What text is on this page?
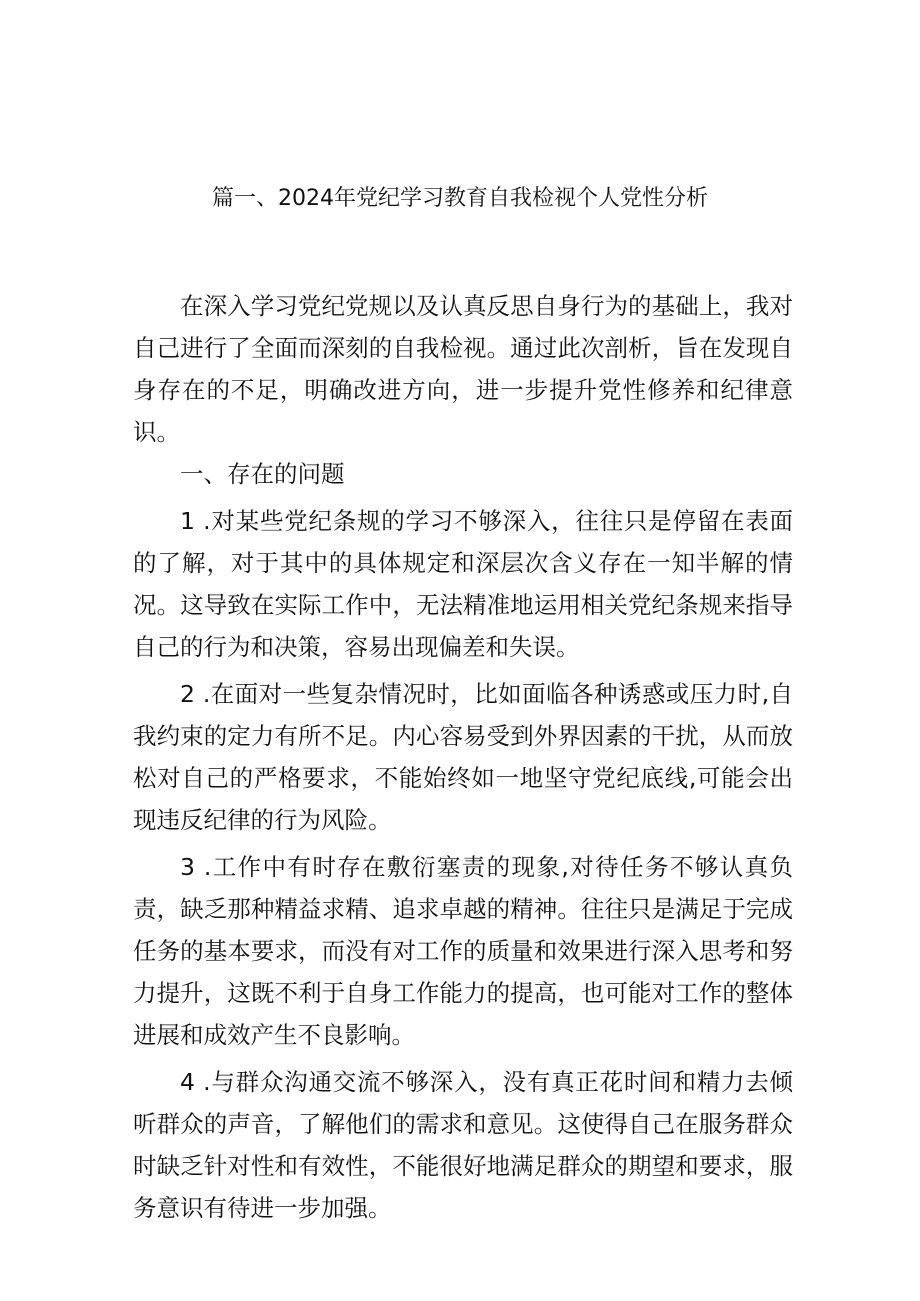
篇一、2024年党纪学习教育自我检视个人党性分析

在深入学习党纪党规以及认真反思自身行为的基础上，我对自己进行了全面而深刻的自我检视。通过此次剖析，旨在发现自身存在的不足，明确改进方向，进一步提升党性修养和纪律意识。

一、存在的问题

1 .对某些党纪条规的学习不够深入，往往只是停留在表面的了解，对于其中的具体规定和深层次含义存在一知半解的情况。这导致在实际工作中，无法精准地运用相关党纪条规来指导自己的行为和决策，容易出现偏差和失误。

2 .在面对一些复杂情况时，比如面临各种诱惑或压力时,自我约束的定力有所不足。内心容易受到外界因素的干扰，从而放松对自己的严格要求，不能始终如一地坚守党纪底线,可能会出现违反纪律的行为风险。

3 .工作中有时存在敷衍塞责的现象,对待任务不够认真负责，缺乏那种精益求精、追求卓越的精神。往往只是满足于完成任务的基本要求，而没有对工作的质量和效果进行深入思考和努力提升，这既不利于自身工作能力的提高，也可能对工作的整体进展和成效产生不良影响。

4 .与群众沟通交流不够深入，没有真正花时间和精力去倾听群众的声音，了解他们的需求和意见。这使得自己在服务群众时缺乏针对性和有效性，不能很好地满足群众的期望和要求，服务意识有待进一步加强。
